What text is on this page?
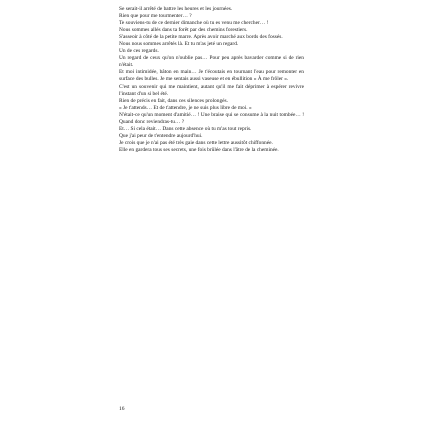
Se serait-il arrêté de battre les heures et les journées.

Rien que pour me tourmenter… ?

Te souviens-tu de ce dernier dimanche où tu es venu me chercher… !

Nous sommes allés dans ta forêt par des chemins forestiers.

S'asseoir à côté de la petite marre. Après avoir marché aux bords des fossés.

Nous nous sommes arrêtés là. Et tu m'as jeté un regard.

Un de ces regards.

Un regard de ceux qu'on n'oublie pas… Pour peu après bavarder comme si de rien n'était.

Et moi intimidée, bâton en main… Je t'écoutais en tournant l'eau pour remonter en surface des bulles. Je me sentais aussi vaseuse et en ébullition « À me frôler ».

C'est un souvenir qui me maintient, autant qu'il me fait déprimer à espérer revivre l'instant d'un si bel été.

Rien de précis en fait, dans ces silences prolongés.

« Je t'attends… Et de t'attendre, je ne suis plus libre de moi. »

N'était-ce qu'un moment d'amitié… ! Une braise qui se consume à la nuit tombée… ! Quand donc reviendras-tu… ?

Et… Si cela était… Dans cette absence où tu m'as tout repris.

Que j'ai peur de t'entendre aujourd'hui.

Je crois que je n'ai pas été très gaie dans cette lettre aussitôt chiffonnée.

Elle en gardera tous ses secrets, une fois brûlée dans l'âtre de la cheminée.

16
